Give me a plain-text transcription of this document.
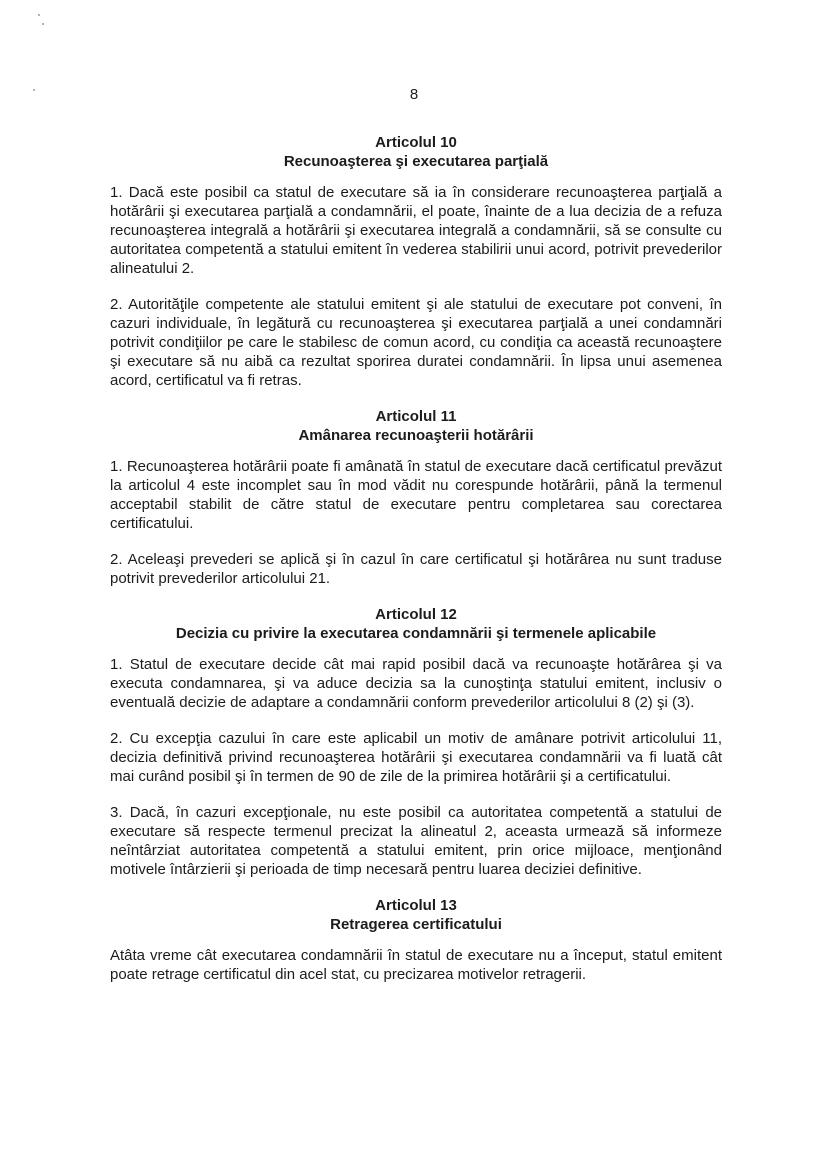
8
Articolul 10
Recunoaşterea şi executarea parţială

1. Dacă este posibil ca statul de executare să ia în considerare recunoaşterea parţială a hotărârii şi executarea parţială a condamnării, el poate, înainte de a lua decizia de a refuza recunoaşterea integrală a hotărârii şi executarea integrală a condamnării, să se consulte cu autoritatea competentă a statului emitent în vederea stabilirii unui acord, potrivit prevederilor alineatului 2.

2. Autorităţile competente ale statului emitent şi ale statului de executare pot conveni, în cazuri individuale, în legătură cu recunoaşterea şi executarea parţială a unei condamnări potrivit condiţiilor pe care le stabilesc de comun acord, cu condiţia ca această recunoaştere şi executare să nu aibă ca rezultat sporirea duratei condamnării. În lipsa unui asemenea acord, certificatul va fi retras.

Articolul 11
Amânarea recunoaşterii hotărârii

1. Recunoaşterea hotărârii poate fi amânată în statul de executare dacă certificatul prevăzut la articolul 4 este incomplet sau în mod vădit nu corespunde hotărârii, până la termenul acceptabil stabilit de către statul de executare pentru completarea sau corectarea certificatului.

2. Aceleaşi prevederi se aplică şi în cazul în care certificatul şi hotărârea nu sunt traduse potrivit prevederilor articolului 21.

Articolul 12
Decizia cu privire la executarea condamnării şi termenele aplicabile

1. Statul de executare decide cât mai rapid posibil dacă va recunoaşte hotărârea şi va executa condamnarea, şi va aduce decizia sa la cunoştinţa statului emitent, inclusiv o eventuală decizie de adaptare a condamnării conform prevederilor articolului 8 (2) şi (3).

2. Cu excepţia cazului în care este aplicabil un motiv de amânare potrivit articolului 11, decizia definitivă privind recunoaşterea hotărârii şi executarea condamnării va fi luată cât mai curând posibil şi în termen de 90 de zile de la primirea hotărârii şi a certificatului.

3. Dacă, în cazuri excepţionale, nu este posibil ca autoritatea competentă a statului de executare să respecte termenul precizat la alineatul 2, aceasta urmează să informeze neîntârziat autoritatea competentă a statului emitent, prin orice mijloace, menţionând motivele întârzierii şi perioada de timp necesară pentru luarea deciziei definitive.

Articolul 13
Retragerea certificatului

Atâta vreme cât executarea condamnării în statul de executare nu a început, statul emitent poate retrage certificatul din acel stat, cu precizarea motivelor retragerii.
